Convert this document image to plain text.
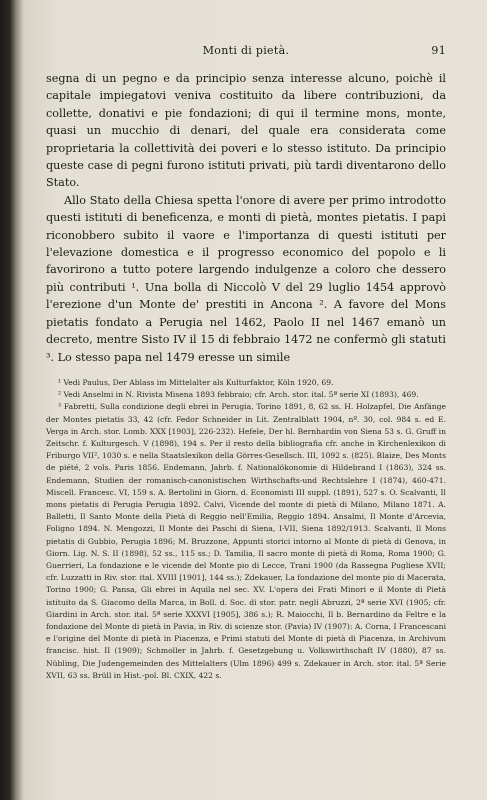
Monti di pietà.	91

segna di un pegno e da principio senza interesse alcuno, poichè il capitale impiegatovi veniva costituito da libere contribuzioni, da collette, donativi e pie fondazioni; di qui il termine mons, monte, quasi un mucchio di denari, del quale era considerata come proprietaria la collettività dei poveri e lo stesso istituto. Da principio queste case di pegni furono istituti privati, più tardi diventarono dello Stato.

Allo Stato della Chiesa spetta l'onore di avere per primo introdotto questi istituti di beneficenza, e monti di pietà, montes pietatis. I papi riconobbero subito il vaore e l'importanza di questi istituti per l'elevazione domestica e il progresso economico del popolo e li favorirono a tutto potere largendo indulgenze a coloro che dessero più contributi ¹. Una bolla di Niccolò V del 29 luglio 1454 approvò l'erezione d'un Monte de' prestiti in Ancona ². A favore del Mons pietatis fondato a Perugia nel 1462, Paolo II nel 1467 emanò un decreto, mentre Sisto IV il 15 di febbraio 1472 ne confermò gli statuti ³. Lo stesso papa nel 1479 eresse un simile

¹ Vedi Paulus, Der Ablass im Mittelalter als Kulturfaktor, Köln 1920, 69.

² Vedi Anselmi in N. Rivista Misena 1893 febbraio; cfr. Arch. stor. ital. 5ª serie XI (1893), 469.

³ Fabretti, Sulla condizione degli ebrei in Perugia, Torino 1891, 8, 62 ss. H. Holzapfel, Die Anfänge der Montes pietatis 33, 42 (cfr. Fedor Schneider in Lit. Zentralblatt 1904, nº. 30, col. 984 s. ed E. Verga in Arch. stor. Lomb. XXX [1903], 226-232). Hefele, Der hl. Bernhardin von Siena 53 s. G. Gruff in Zeitschr. f. Kulturgesch. V (1898), 194 s. Per il resto della bibliografia cfr. anche in Kirchenlexikon di Friburgo VII², 1030 s. e nella Staatslexikon della Görres-Gesellsch. III, 1092 s. (825). Blaize, Des Monts de piété, 2 vols. Paris 1856. Endemann, Jahrb. f. Nationalökonomie di Hildebrand I (1863), 324 ss. Endemann, Studien der romanisch-canonistischen Wirthschafts-und Rechtslehre I (1874), 460-471. Miscell. Francesc. VI, 159 s. A. Bertolini in Giorn. d. Economisti III suppl. (1891), 527 s. O. Scalvanti, Il mons pietatis di Perugia Perugia 1892. Calvi, Vicende del monte di pietà di Milano, Milano 1871. A. Balletti, Il Santo Monte della Pietà di Reggio nell'Emilia, Reggio 1894. Ansalmi, Il Monte d'Arcevia, Foligno 1894. N. Mengozzi, Il Monte dei Paschi di Siena, I-VII, Siena 1892/1913. Scalvanti, Il Mons pietatis di Gubbio, Perugia 1896; M. Bruzzone, Appunti storici intorno al Monte di pietà di Genova, in Giorn. Lig. N. S. II (1898), 52 ss., 115 ss.; D. Tamilia, Il sacro monte di pietà di Roma, Roma 1900; G. Guerrieri, La fondazione e le vicende del Monte pio di Lecce, Trani 1900 (da Rassegna Pugliese XVII; cfr. Luzzatti in Riv. stor. ital. XVIII [1901], 144 ss.); Zdekauer, La fondazione del monte pio di Macerata, Torino 1900; G. Pansa, Gli ebrei in Aquila nel sec. XV. L'opera dei Frati Minori e il Monte di Pietà istituito da S. Giacomo della Marca, in Boll. d. Soc. di stor. patr. negli Abruzzi, 2ª serie XVI (1905; cfr. Giardini in Arch. stor. ital. 5ª serie XXXVI [1905], 386 s.); R. Maiocchi, Il b. Bernardino da Feltre e la fondazione del Monte di pietà in Pavia, in Riv. di scienze stor. (Pavia) IV (1907): A. Corna, I Francescani e l'origine del Monte di pietà in Piacenza, e Primi statuti del Monte di pietà di Piacenza, in Archivum francisc. hist. II (1909); Schmoller in Jahrb. f. Gesetzgebung u. Volkswirthschaft IV (1880), 87 ss. Nübling, Die Judengemeinden des Mittelalters (Ulm 1896) 499 s. Zdekauer in Arch. stor. ital. 5ª Serie XVII, 63 ss. Brüll in Hist.-pol. Bl. CXIX, 422 s.
